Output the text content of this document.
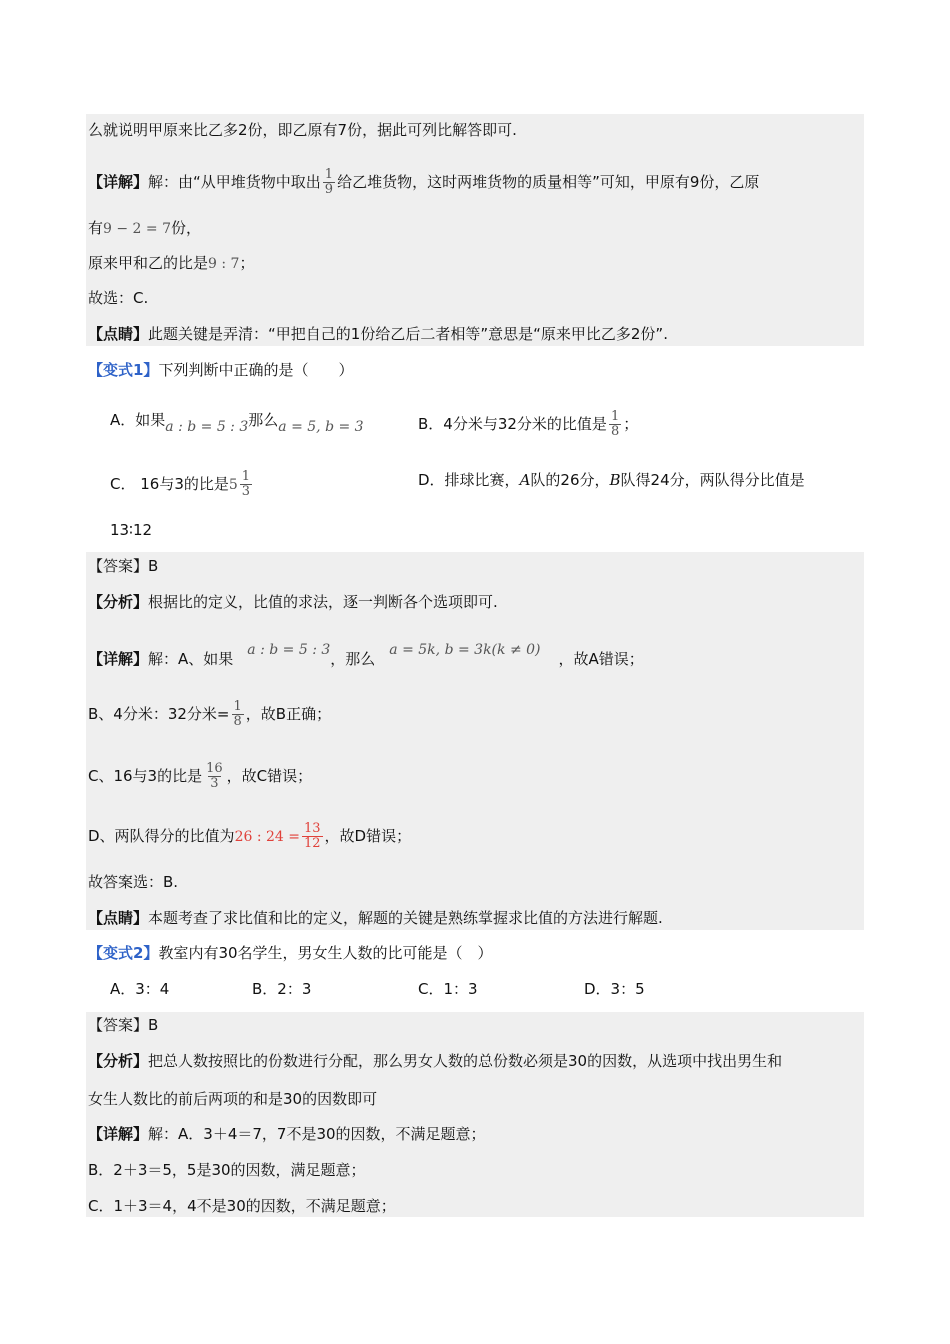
么就说明甲原来比乙多2份，即乙原有7份，据此可列比解答即可.
【详解】解：由“从甲堆货物中取出 $\frac{1}{9}$ 给乙堆货物，这时两堆货物的质量相等”可知，甲原有9份，乙原
有9 − 2 = 7份，
原来甲和乙的比是9 : 7；
故选：C.
【点睛】此题关键是弄清：“甲把自己的1份给乙后二者相等”意思是“原来甲比乙多2份”.
【变式1】下列判断中正确的是（　　）
A．如果a : b = 5 : 3那么a = 5, b = 3	B．4分米与32分米的比值是 $\frac{1}{8}$ ；
C． 16与3的比是$5 \frac{1}{3}$	D．排球比赛，A队的26分，B队得24分，两队得分比值是
13∶12
【答案】B
【分析】根据比的定义，比值的求法，逐一判断各个选项即可.
【详解】解：A、如果 a : b = 5 : 3，那么 a = 5k, b = 3k(k ≠ 0) ，故A错误；
B、4分米：32分米= $\frac{1}{8}$ ，故B正确；
C、16与3的比是 $\frac{16}{3}$ ，故C错误；
D、两队得分的比值为26 : $24 = \frac{13}{12}$ ，故D错误；
故答案选：B.
【点睛】本题考查了求比值和比的定义，解题的关键是熟练掌握求比值的方法进行解题.
【变式2】教室内有30名学生，男女生人数的比可能是（　）
A．3：4	B．2：3	C．1：3	D．3：5
【答案】B
【分析】把总人数按照比的份数进行分配，那么男女人数的总份数必须是30的因数，从选项中找出男生和
女生人数比的前后两项的和是30的因数即可
【详解】解：A．3＋4＝7，7不是30的因数，不满足题意；
B．2＋3＝5，5是30的因数，满足题意；
C．1＋3＝4，4不是30的因数，不满足题意；
